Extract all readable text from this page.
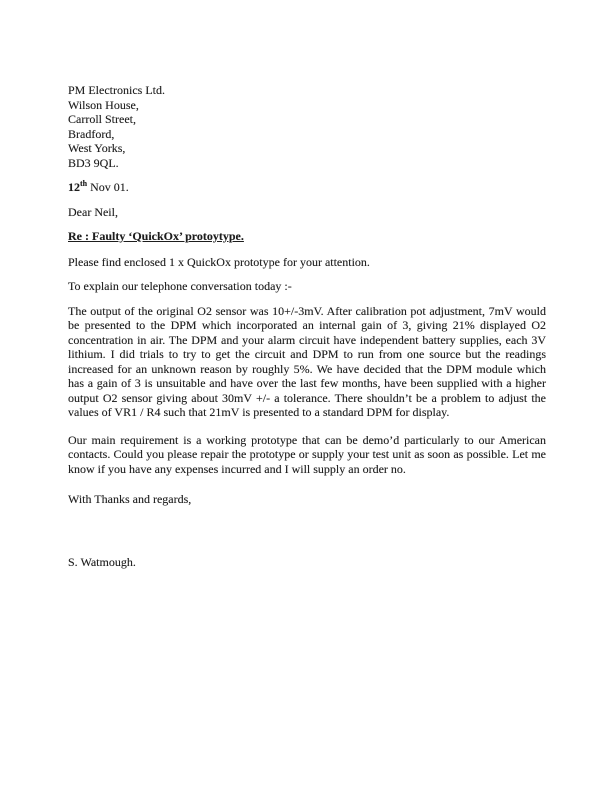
PM Electronics Ltd.
Wilson House,
Carroll Street,
Bradford,
West Yorks,
BD3 9QL.
12th Nov 01.
Dear Neil,
Re : Faulty ‘QuickOx’ protoytype.
Please find enclosed 1 x QuickOx prototype for your attention.
To explain our telephone conversation today :-

The output of the original O2 sensor was 10+/-3mV. After calibration pot adjustment, 7mV would be presented to the DPM which incorporated an internal gain of 3, giving 21% displayed O2 concentration in air. The DPM and your alarm circuit have independent battery supplies, each 3V lithium. I did trials to try to get the circuit and DPM to run from one source but the readings increased for an unknown reason by roughly 5%. We have decided that the DPM module which has a gain of 3 is unsuitable and have over the last few months, have been supplied with a higher output O2 sensor giving about 30mV +/- a tolerance. There shouldn’t be a problem to adjust the values of VR1 / R4 such that 21mV is presented to a standard DPM for display.

Our main requirement is a working prototype that can be demo’d particularly to our American contacts. Could you please repair the prototype or supply your test unit as soon as possible. Let me know if you have any expenses incurred and I will supply an order no.

With Thanks and regards,
S. Watmough.
